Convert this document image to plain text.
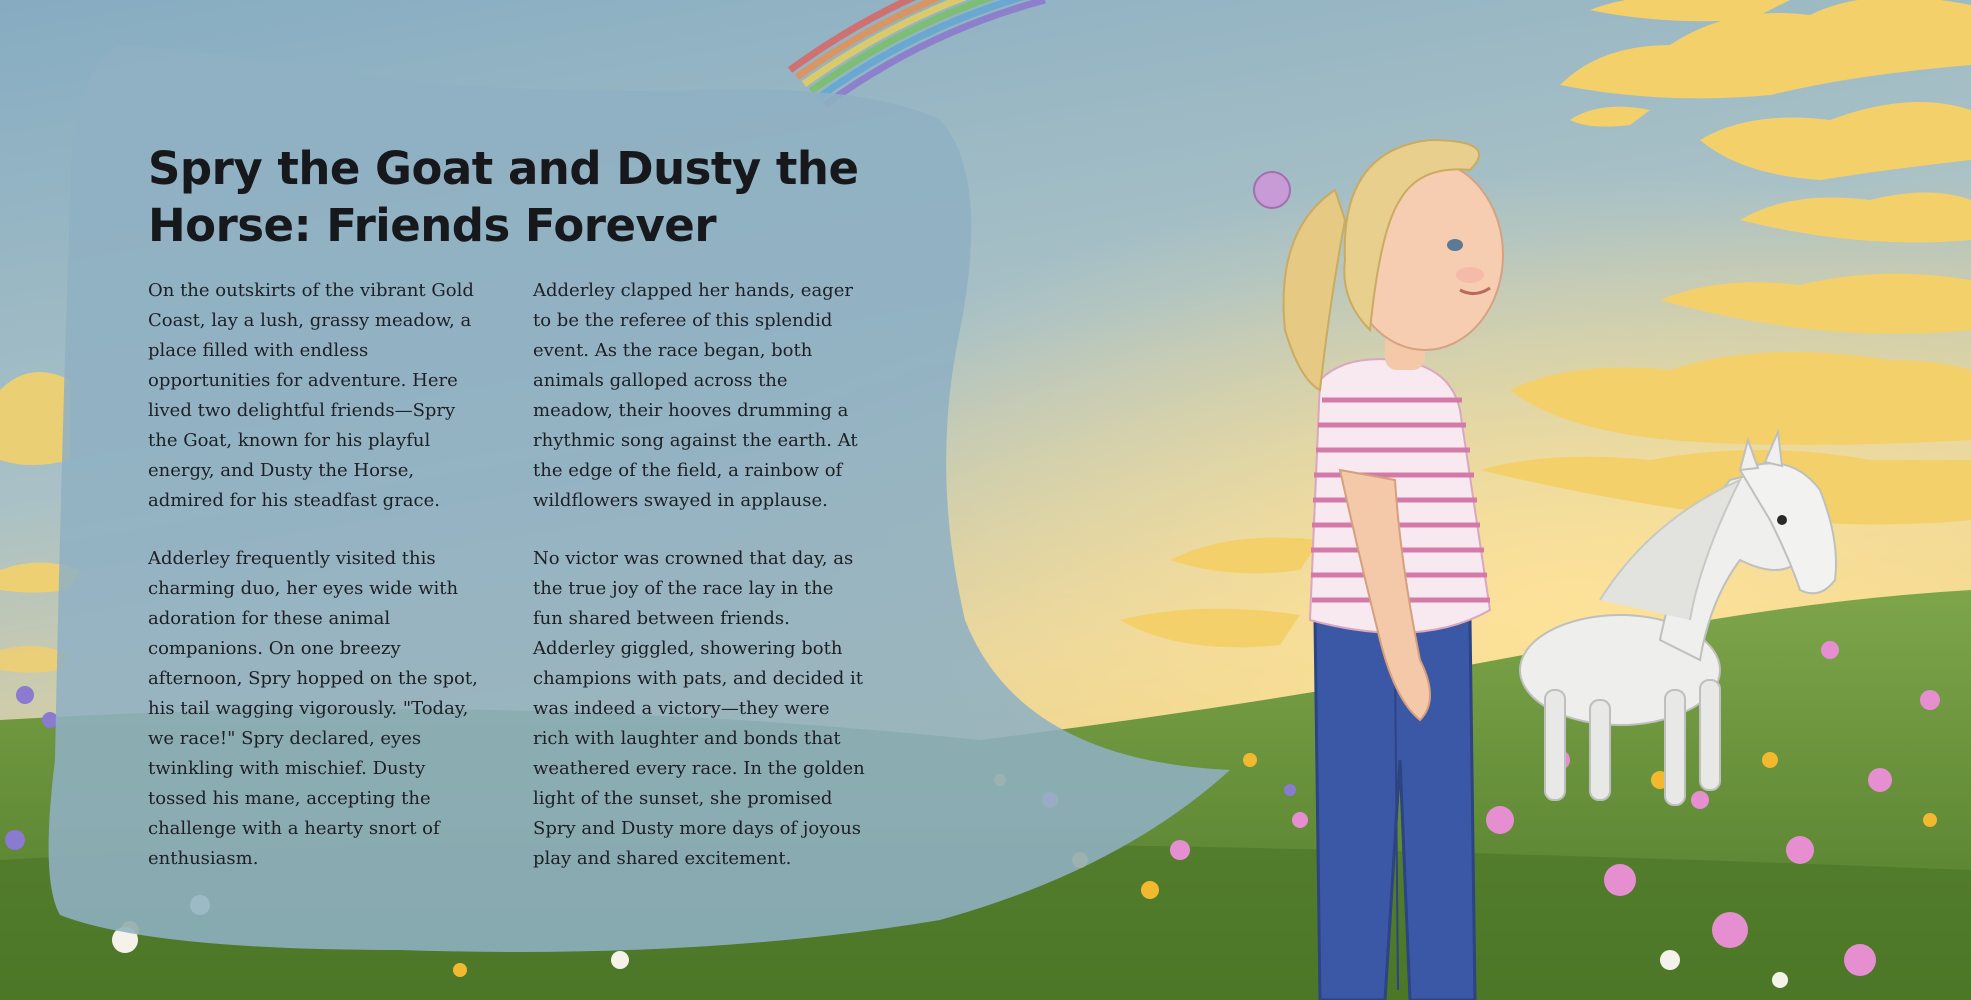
Spry the Goat and Dusty the Horse: Friends Forever

On the outskirts of the vibrant Gold Coast, lay a lush, grassy meadow, a place filled with endless opportunities for adventure. Here lived two delightful friends—Spry the Goat, known for his playful energy, and Dusty the Horse, admired for his steadfast grace.

Adderley frequently visited this charming duo, her eyes wide with adoration for these animal companions. On one breezy afternoon, Spry hopped on the spot, his tail wagging vigorously. "Today, we race!" Spry declared, eyes twinkling with mischief. Dusty tossed his mane, accepting the challenge with a hearty snort of enthusiasm.

Adderley clapped her hands, eager to be the referee of this splendid event. As the race began, both animals galloped across the meadow, their hooves drumming a rhythmic song against the earth. At the edge of the field, a rainbow of wildflowers swayed in applause.

No victor was crowned that day, as the true joy of the race lay in the fun shared between friends. Adderley giggled, showering both champions with pats, and decided it was indeed a victory—they were rich with laughter and bonds that weathered every race. In the golden light of the sunset, she promised Spry and Dusty more days of joyous play and shared excitement.
